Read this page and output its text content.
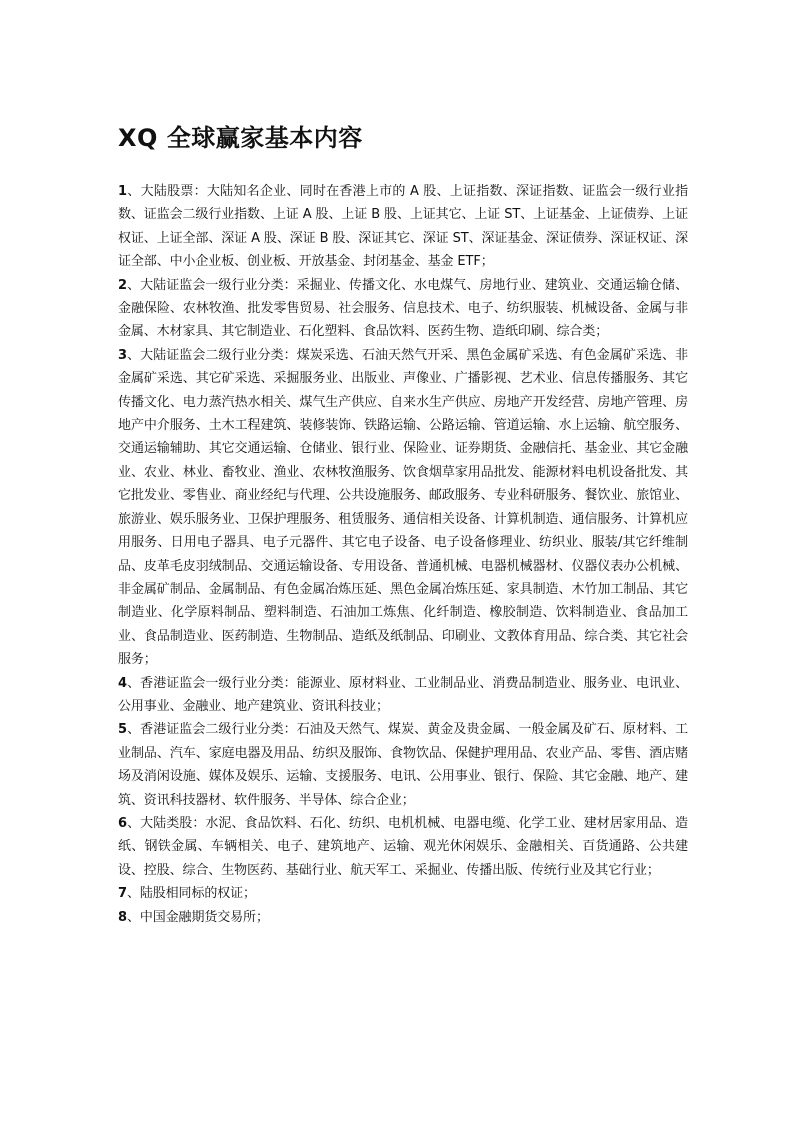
XQ 全球赢家基本内容

1、大陆股票：大陆知名企业、同时在香港上市的 A 股、上证指数、深证指数、证监会一级行业指数、证监会二级行业指数、上证 A 股、上证 B 股、上证其它、上证 ST、上证基金、上证债券、上证权证、上证全部、深证 A 股、深证 B 股、深证其它、深证 ST、深证基金、深证债券、深证权证、深证全部、中小企业板、创业板、开放基金、封闭基金、基金 ETF；

2、大陆证监会一级行业分类：采掘业、传播文化、水电煤气、房地行业、建筑业、交通运输仓储、金融保险、农林牧渔、批发零售贸易、社会服务、信息技术、电子、纺织服装、机械设备、金属与非金属、木材家具、其它制造业、石化塑料、食品饮料、医药生物、造纸印刷、综合类；

3、大陆证监会二级行业分类：煤炭采选、石油天然气开采、黑色金属矿采选、有色金属矿采选、非金属矿采选、其它矿采选、采掘服务业、出版业、声像业、广播影视、艺术业、信息传播服务、其它传播文化、电力蒸汽热水相关、煤气生产供应、自来水生产供应、房地产开发经营、房地产管理、房地产中介服务、土木工程建筑、装修装饰、铁路运输、公路运输、管道运输、水上运输、航空服务、交通运输辅助、其它交通运输、仓储业、银行业、保险业、证券期货、金融信托、基金业、其它金融业、农业、林业、畜牧业、渔业、农林牧渔服务、饮食烟草家用品批发、能源材料电机设备批发、其它批发业、零售业、商业经纪与代理、公共设施服务、邮政服务、专业科研服务、餐饮业、旅馆业、旅游业、娱乐服务业、卫保护理服务、租赁服务、通信相关设备、计算机制造、通信服务、计算机应用服务、日用电子器具、电子元器件、其它电子设备、电子设备修理业、纺织业、服装/其它纤维制品、皮革毛皮羽绒制品、交通运输设备、专用设备、普通机械、电器机械器材、仪器仪表办公机械、非金属矿制品、金属制品、有色金属冶炼压延、黑色金属冶炼压延、家具制造、木竹加工制品、其它制造业、化学原料制品、塑料制造、石油加工炼焦、化纤制造、橡胶制造、饮料制造业、食品加工业、食品制造业、医药制造、生物制品、造纸及纸制品、印刷业、文教体育用品、综合类、其它社会服务；

4、香港证监会一级行业分类：能源业、原材料业、工业制品业、消费品制造业、服务业、电讯业、公用事业、金融业、地产建筑业、资讯科技业；

5、香港证监会二级行业分类：石油及天然气、煤炭、黄金及贵金属、一般金属及矿石、原材料、工业制品、汽车、家庭电器及用品、纺织及服饰、食物饮品、保健护理用品、农业产品、零售、酒店赌场及消闲设施、媒体及娱乐、运输、支援服务、电讯、公用事业、银行、保险、其它金融、地产、建筑、资讯科技器材、软件服务、半导体、综合企业；

6、大陆类股：水泥、食品饮料、石化、纺织、电机机械、电器电缆、化学工业、建材居家用品、造纸、钢铁金属、车辆相关、电子、建筑地产、运输、观光休闲娱乐、金融相关、百货通路、公共建设、控股、综合、生物医药、基础行业、航天军工、采掘业、传播出版、传统行业及其它行业；

7、陆股相同标的权证；

8、中国金融期货交易所；
